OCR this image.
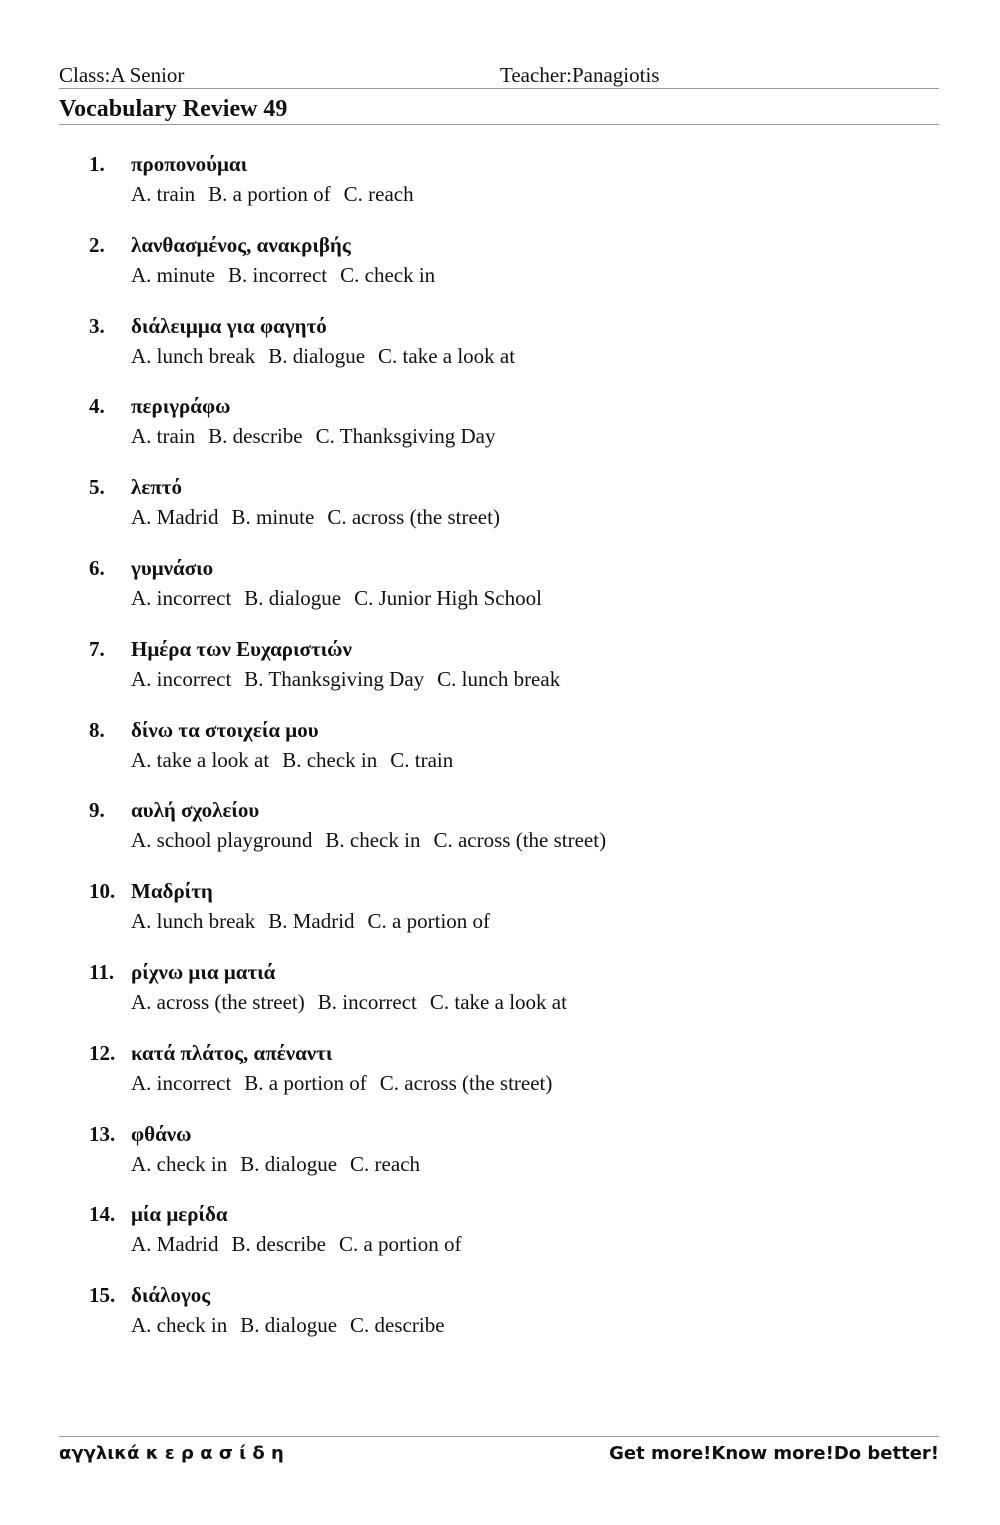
Class:A Senior	Teacher:Panagiotis
Vocabulary Review 49
1. προπονούμαι
A. train B. a portion of C. reach
2. λανθασμένος, ανακριβής
A. minute B. incorrect C. check in
3. διάλειμμα για φαγητό
A. lunch break B. dialogue C. take a look at
4. περιγράφω
A. train B. describe C. Thanksgiving Day
5. λεπτό
A. Madrid B. minute C. across (the street)
6. γυμνάσιο
A. incorrect B. dialogue C. Junior High School
7. Ημέρα των Ευχαριστιών
A. incorrect B. Thanksgiving Day C. lunch break
8. δίνω τα στοιχεία μου
A. take a look at B. check in C. train
9. αυλή σχολείου
A. school playground B. check in C. across (the street)
10. Μαδρίτη
A. lunch break B. Madrid C. a portion of
11. ρίχνω μια ματιά
A. across (the street) B. incorrect C. take a look at
12. κατά πλάτος, απέναντι
A. incorrect B. a portion of C. across (the street)
13. φθάνω
A. check in B. dialogue C. reach
14. μία μερίδα
A. Madrid B. describe C. a portion of
15. διάλογος
A. check in B. dialogue C. describe
αγγλικά κ ε ρ α σ ί δ η	Get more!Know more!Do better!
